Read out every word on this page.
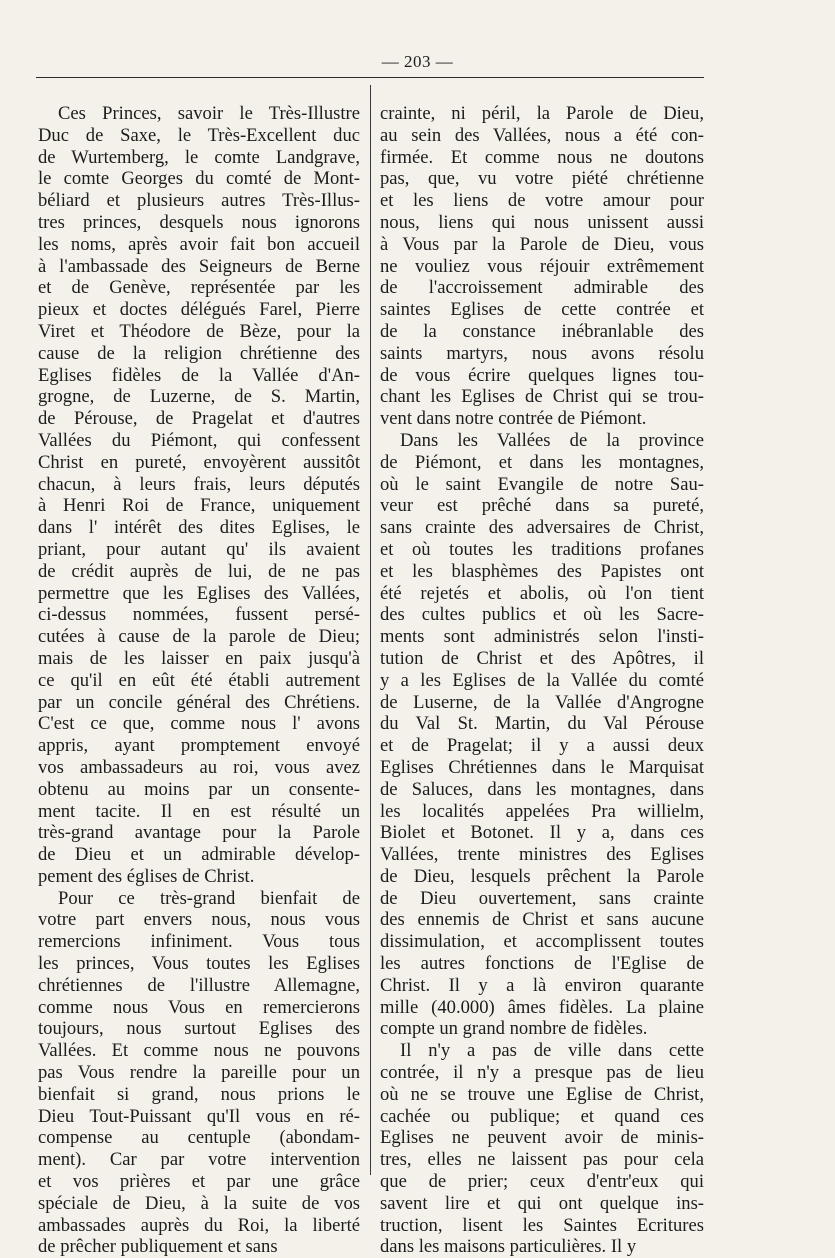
— 203 —
Ces Princes, savoir le Très-Illustre
Duc de Saxe, le Très-Excellent duc
de Wurtemberg, le comte Landgrave,
le comte Georges du comté de Mont-
béliard et plusieurs autres Très-Illus-
tres princes, desquels nous ignorons
les noms, après avoir fait bon accueil
à l'ambassade des Seigneurs de Berne
et de Genève, représentée par les
pieux et doctes délégués Farel, Pierre
Viret et Théodore de Bèze, pour la
cause de la religion chrétienne des
Eglises fidèles de la Vallée d'An-
grogne, de Luzerne, de S. Martin,
de Pérouse, de Pragelat et d'autres
Vallées du Piémont, qui confessent
Christ en pureté, envoyèrent aussitôt
chacun, à leurs frais, leurs députés
à Henri Roi de France, uniquement
dans l' intérêt des dites Eglises, le
priant, pour autant qu' ils avaient
de crédit auprès de lui, de ne pas
permettre que les Eglises des Vallées,
ci-dessus nommées, fussent persé-
cutées à cause de la parole de Dieu;
mais de les laisser en paix jusqu'à
ce qu'il en eût été établi autrement
par un concile général des Chrétiens.
C'est ce que, comme nous l' avons
appris, ayant promptement envoyé
vos ambassadeurs au roi, vous avez
obtenu au moins par un consente-
ment tacite. Il en est résulté un
très-grand avantage pour la Parole
de Dieu et un admirable dévelop-
pement des églises de Christ.
Pour ce très-grand bienfait de
votre part envers nous, nous vous
remercions infiniment. Vous tous
les princes, Vous toutes les Eglises
chrétiennes de l'illustre Allemagne,
comme nous Vous en remercierons
toujours, nous surtout Eglises des
Vallées. Et comme nous ne pouvons
pas Vous rendre la pareille pour un
bienfait si grand, nous prions le
Dieu Tout-Puissant qu'Il vous en ré-
compense au centuple (abondam-
ment). Car par votre intervention
et vos prières et par une grâce
spéciale de Dieu, à la suite de vos
ambassades auprès du Roi, la liberté
de prêcher publiquement et sans
crainte, ni péril, la Parole de Dieu,
au sein des Vallées, nous a été con-
firmée. Et comme nous ne doutons
pas, que, vu votre piété chrétienne
et les liens de votre amour pour
nous, liens qui nous unissent aussi
à Vous par la Parole de Dieu, vous
ne vouliez vous réjouir extrêmement
de l'accroissement admirable des
saintes Eglises de cette contrée et
de la constance inébranlable des
saints martyrs, nous avons résolu
de vous écrire quelques lignes tou-
chant les Eglises de Christ qui se trou-
vent dans notre contrée de Piémont.
Dans les Vallées de la province
de Piémont, et dans les montagnes,
où le saint Evangile de notre Sau-
veur est prêché dans sa pureté,
sans crainte des adversaires de Christ,
et où toutes les traditions profanes
et les blasphèmes des Papistes ont
été rejetés et abolis, où l'on tient
des cultes publics et où les Sacre-
ments sont administrés selon l'insti-
tution de Christ et des Apôtres, il
y a les Eglises de la Vallée du comté
de Luserne, de la Vallée d'Angrogne
du Val St. Martin, du Val Pérouse
et de Pragelat; il y a aussi deux
Eglises Chrétiennes dans le Marquisat
de Saluces, dans les montagnes, dans
les localités appelées Pra willielm,
Biolet et Botonet. Il y a, dans ces
Vallées, trente ministres des Eglises
de Dieu, lesquels prêchent la Parole
de Dieu ouvertement, sans crainte
des ennemis de Christ et sans aucune
dissimulation, et accomplissent toutes
les autres fonctions de l'Eglise de
Christ. Il y a là environ quarante
mille (40.000) âmes fidèles. La plaine
compte un grand nombre de fidèles.
Il n'y a pas de ville dans cette
contrée, il n'y a presque pas de lieu
où ne se trouve une Eglise de Christ,
cachée ou publique; et quand ces
Eglises ne peuvent avoir de minis-
tres, elles ne laissent pas pour cela
que de prier; ceux d'entr'eux qui
savent lire et qui ont quelque ins-
truction, lisent les Saintes Ecritures
dans les maisons particulières. Il y
